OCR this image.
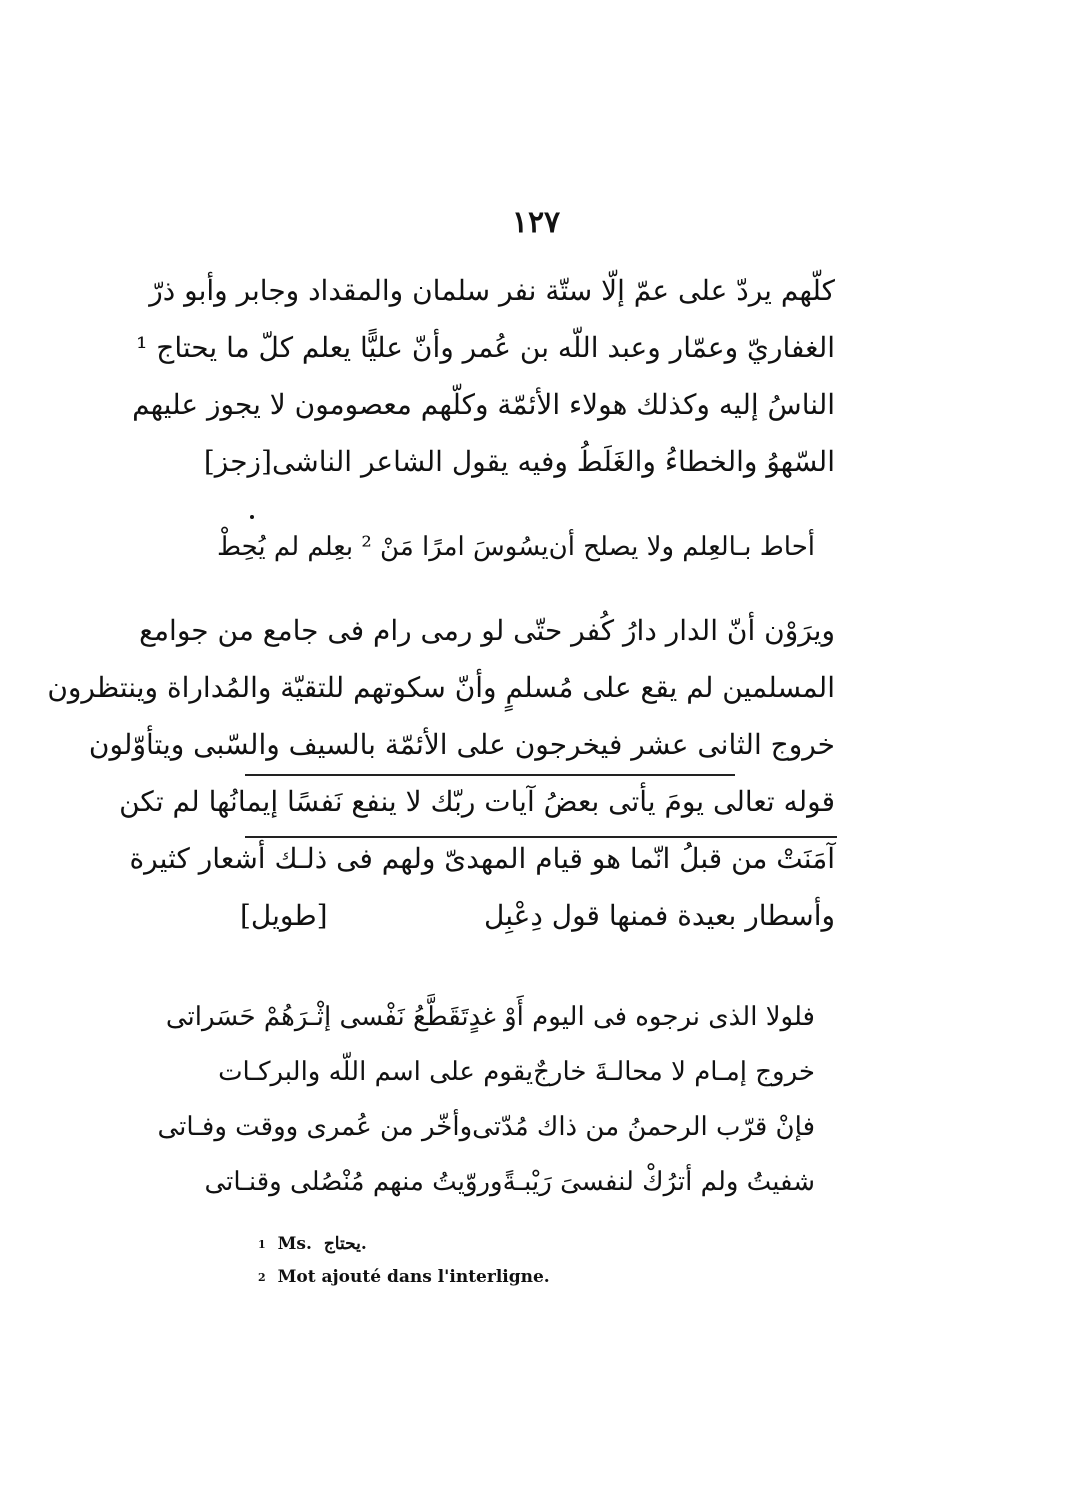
١٢٧
كلّهم يردّ على عمّ إلّا ستّة نفر سلمان والمقداد وجابر وأبو ذرّ
الغفاريّ وعمّار وعبد اللّه بن عُمر وأنّ عليًّا يعلم كلّ ما يحتاج ¹
الناسُ إليه وكذلك هولاء الأئمّة وكلّهم معصومون لا يجوز عليهم
السّهوُ والخطاءُ والغَلَطُ وفيه يقول الشاعر الناشى
[زجز]
أحاط بـالعِلم ولا يصلح أن
يسُوسَ امرًا مَنْ ² بعِلم لم يُحِطْ
ويرَوْن أنّ الدار دارُ كُفر حتّى لو رمى رام فى جامع من جوامع
المسلمين لم يقع على مُسلمٍ وأنّ سكوتهم للتقيّة والمُداراة وينتظرون
خروج الثانى عشر فيخرجون على الأئمّة بالسيف والسّبى ويتأوّلون
قوله تعالى يومَ يأتى بعضُ آيات ربّك لا ينفع نَفسًا إيمانُها لم تكن
آمَنَتْ من قبلُ انّما هو قيام المهدىّ ولهم فى ذلـك أشعار كثيرة
وأسطار بعيدة فمنها قول دِعْبِل
[طويل]
فلولا الذى نرجوه فى اليوم أَوْ غدٍ
تَقَطَّعُ نَفْسى إثْـرَهُمْ حَسَراتى
خروج إمـام لا محالـةَ خارجٌ
يقوم على اسم اللّه والبركـات
فإنْ قرّب الرحمنُ من ذاك مُدّتى
وأخّر من عُمرى ووقت وفـاتى
شفيتُ ولم أترُكْ لنفسىَ رَيْبـةً
وروّيتُ منهم مُنْصُلى وقنـاتى
$^1$ Ms. يحتاج.
$^2$ Mot ajouté dans l'interligne.
